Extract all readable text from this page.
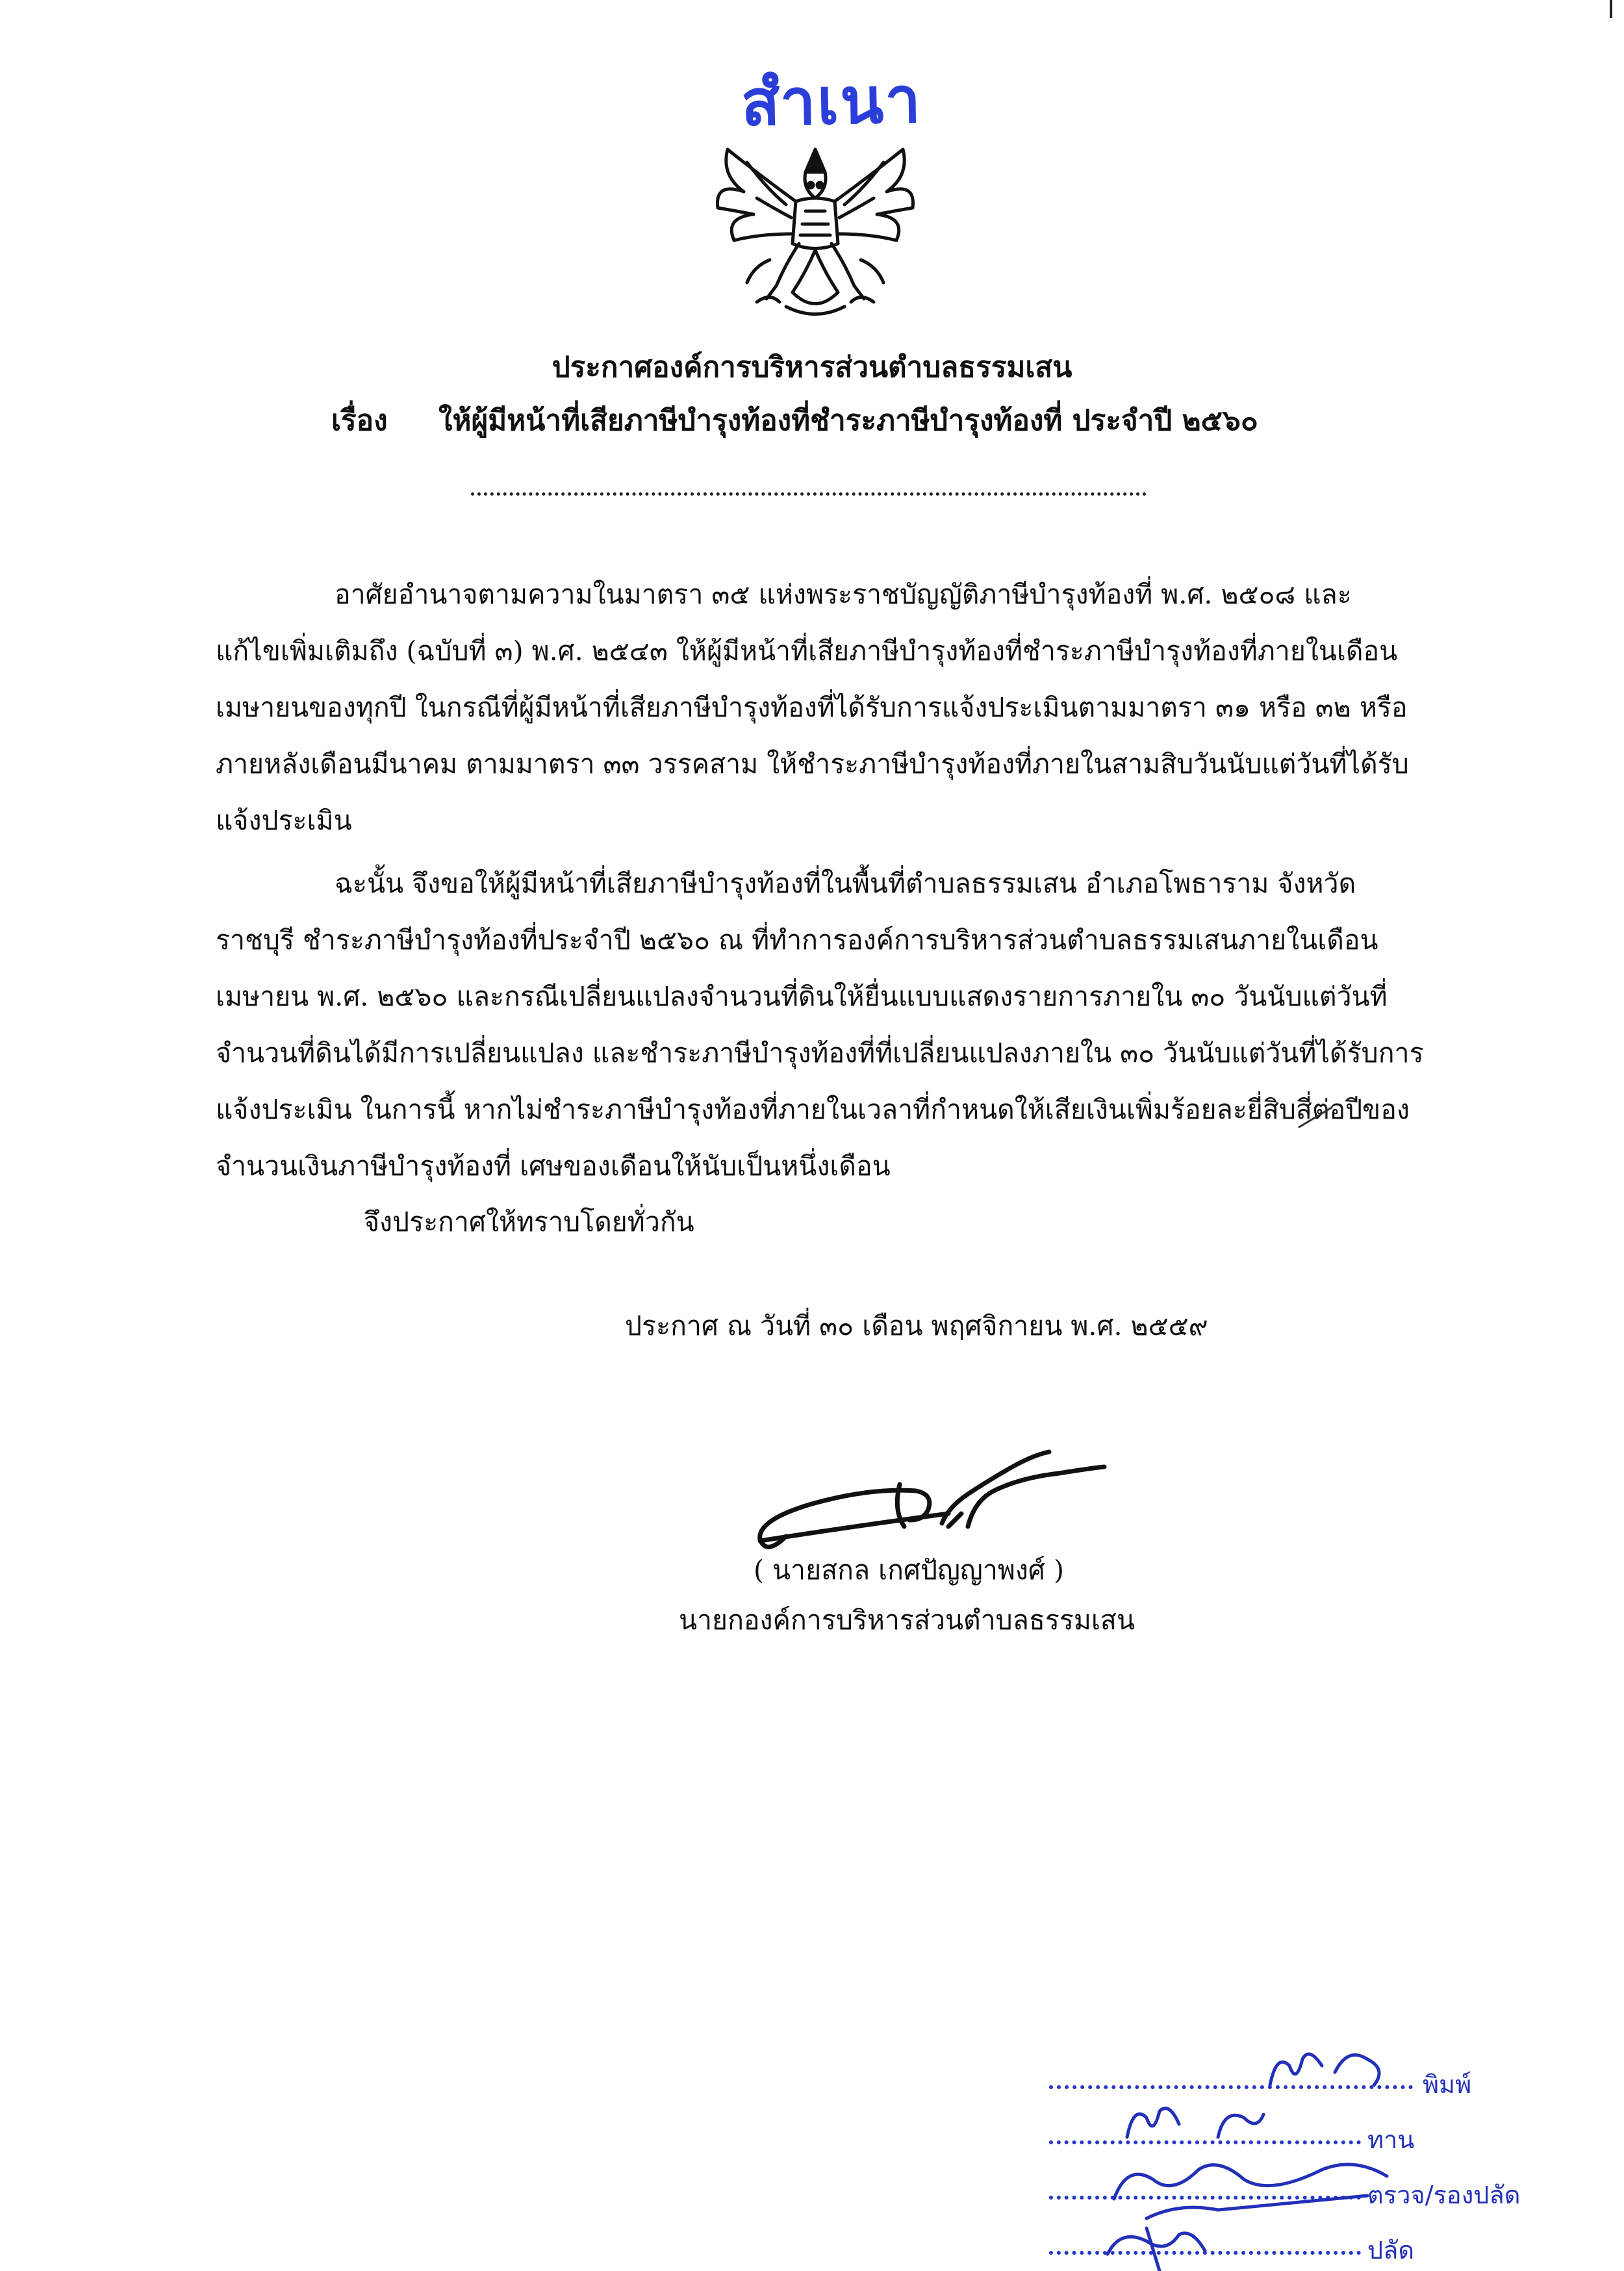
สำเนา
ประกาศองค์การบริหารส่วนตำบลธรรมเสน
เรื่อง ให้ผู้มีหน้าที่เสียภาษีบำรุงท้องที่ชำระภาษีบำรุงท้องที่ ประจำปี ๒๕๖๐
อาศัยอำนาจตามความในมาตรา ๓๕ แห่งพระราชบัญญัติภาษีบำรุงท้องที่ พ.ศ. ๒๕๐๘ และ
แก้ไขเพิ่มเติมถึง (ฉบับที่ ๓) พ.ศ. ๒๕๔๓ ให้ผู้มีหน้าที่เสียภาษีบำรุงท้องที่ชำระภาษีบำรุงท้องที่ภายในเดือน
เมษายนของทุกปี ในกรณีที่ผู้มีหน้าที่เสียภาษีบำรุงท้องที่ได้รับการแจ้งประเมินตามมาตรา ๓๑ หรือ ๓๒ หรือ
ภายหลังเดือนมีนาคม ตามมาตรา ๓๓ วรรคสาม ให้ชำระภาษีบำรุงท้องที่ภายในสามสิบวันนับแต่วันที่ได้รับ
แจ้งประเมิน
ฉะนั้น จึงขอให้ผู้มีหน้าที่เสียภาษีบำรุงท้องที่ในพื้นที่ตำบลธรรมเสน อำเภอโพธาราม จังหวัด
ราชบุรี ชำระภาษีบำรุงท้องที่ประจำปี ๒๕๖๐ ณ ที่ทำการองค์การบริหารส่วนตำบลธรรมเสนภายในเดือน
เมษายน พ.ศ. ๒๕๖๐ และกรณีเปลี่ยนแปลงจำนวนที่ดินให้ยื่นแบบแสดงรายการภายใน ๓๐ วันนับแต่วันที่
จำนวนที่ดินได้มีการเปลี่ยนแปลง และชำระภาษีบำรุงท้องที่ที่เปลี่ยนแปลงภายใน ๓๐ วันนับแต่วันที่ได้รับการ
แจ้งประเมิน ในการนี้ หากไม่ชำระภาษีบำรุงท้องที่ภายในเวลาที่กำหนดให้เสียเงินเพิ่มร้อยละยี่สิบสี่ต่อปีของ
จำนวนเงินภาษีบำรุงท้องที่ เศษของเดือนให้นับเป็นหนึ่งเดือน
จึงประกาศให้ทราบโดยทั่วกัน
ประกาศ ณ วันที่ ๓๐ เดือน พฤศจิกายน พ.ศ. ๒๕๕๙
( นายสกล เกศปัญญาพงศ์ )
นายกองค์การบริหารส่วนตำบลธรรมเสน
พิมพ์
ทาน
ตรวจ/รองปลัด
ปลัด
